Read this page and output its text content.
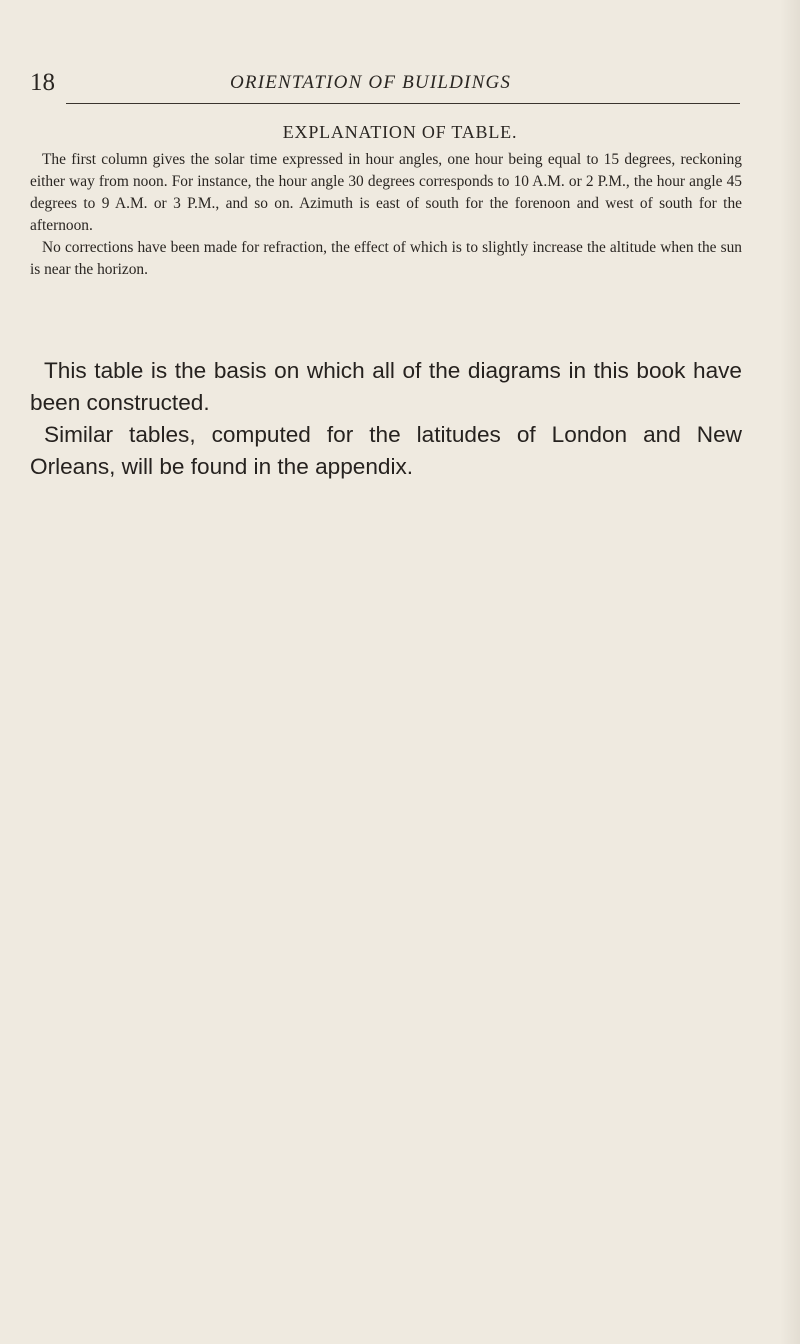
18	ORIENTATION OF BUILDINGS
EXPLANATION OF TABLE.

The first column gives the solar time expressed in hour angles, one hour being equal to 15 degrees, reckoning either way from noon. For instance, the hour angle 30 degrees corresponds to 10 A.M. or 2 P.M., the hour angle 45 degrees to 9 A.M. or 3 P.M., and so on. Azimuth is east of south for the forenoon and west of south for the afternoon.

No corrections have been made for refraction, the effect of which is to slightly increase the altitude when the sun is near the horizon.

This table is the basis on which all of the diagrams in this book have been constructed.

Similar tables, computed for the latitudes of London and New Orleans, will be found in the appendix.
